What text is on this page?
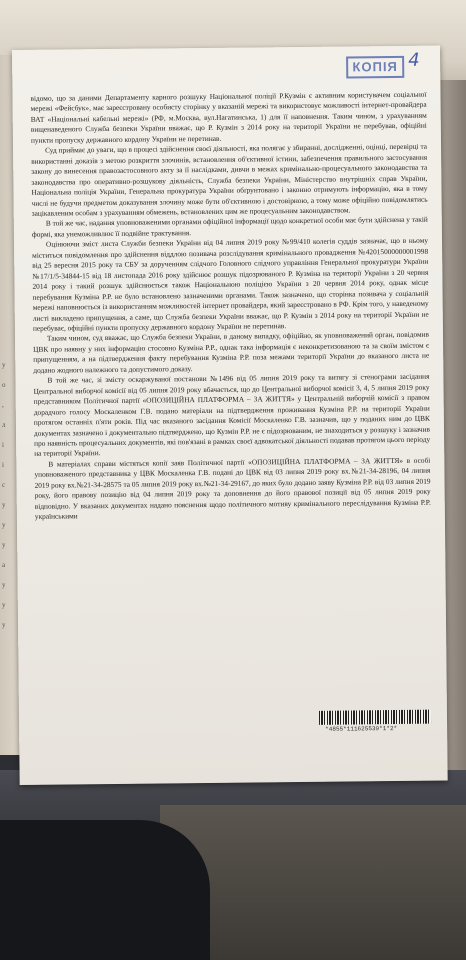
у
о
,
л
і
і
с
у
у
у
а
у
у
у
КОПІЯ 4

відомо, що за даними Департаменту карного розшуку Національної поліції Р.Кузмін є активним користувачем соціальної мережі «Фейсбук», має зареєстровану особисту сторінку у вказаній мережі та використовує можливості інтернет-провайдера ВАТ «Національні кабельні мережі» (РФ, м.Москва, вул.Нагатинська, 1) для її наповнення. Таким чином, з урахуванням вищенаведеного Служба безпеки України вважає, що Р. Кузмін з 2014 року на території України не перебував, офіційні пункти пропуску державного кордону України не перетинав.

Суд приймає до уваги, що в процесі здійснення своєї діяльності, яка полягає у збиранні, дослідженні, оцінці, перевірці та використанні доказів з метою розкриття злочинів, встановлення об'єктивної істини, забезпечення правильного застосування закону до винесення правозастосовного акту за її наслідками, дивчи в межах кримінально-процесуального законодавства та законодавства про оперативно-розшукову діяльність, Служба безпеки України, Міністерство внутрішніх справ України, Національна поліція України, Генеральна прокуратура України обґрунтовано і законно отримують інформацію, яка в тому числі не будучи предметом доказування злочину може бути об'єктивною і достовірною, а тому може офіційно повідомлятись зацікавленим особам з урахуванням обмежень, встановлених цим же процесуальним законодавством.

В той же час, надання уповноваженими органами офіційної інформації щодо конкретної особи має бути здійснена у такій формі, яка унеможливлює її подвійне трактування.

Оцінюючи зміст листа Служби безпеки України від 04 липня 2019 року №99/410 колегія суддів зазначає, що в ньому міститься повідомлення про здійснення віддлою позивача розслідування кримінального провадження №42015000000001998 від 25 вересня 2015 року та СБУ за дорученням слідчого Головного слідчого управління Генеральної прокуратури України №17/1/5-34844-15 від 18 листопада 2016 року здійснює розшук підозрюваного Р. Кузміна на території України з 20 червня 2014 року і такий розшук здійснюється також Національною поліцією України з 20 червня 2014 року, однак місце перебування Кузміна Р.Р. не було встановлено зазначеними органами. Також зазначено, що сторінка позивача у соціальній мережі наповнюється із використанням можливостей інтернет провайдера, який зареєстровано в РФ. Крім того, у наведеному листі викладено припущення, а саме, що Служба безпеки України вважає, що Р. Кузмін з 2014 року на території України не перебуває, офіційні пункти пропуску державного кордону України не перетинав.

Таким чином, суд вважає, що Служба безпеки України, в даному випадку, офіційно, як уповноважений орган, повідомив ЦВК про наявну у них інформацію стосовно Кузміна Р.Р., однак така інформація є неконкретизованою та за своїм змістом є припущенням, а на підтвердження факту перебування Кузміна Р.Р. поза межами території України до вказаного листа не додано жодного належного та допустимого доказу.

В той же час, зі змісту оскаржуваної постанови №1496 від 05 липня 2019 року та витягу зі стенограми засідання Центральної виборчої комісії від 05 липня 2019 року вбачається, що до Центральної виборчої комісії 3, 4, 5 липня 2019 року представником Політичної партії «ОПОЗИЦІЙНА ПЛАТФОРМА – ЗА ЖИТТЯ» у Центральній виборчій комісії з правом дорадчого голосу Москаленком Г.В. подано матеріали на підтвердження проживання Кузміна Р.Р. на території України протягом останніх п'яти років. Під час вказаного засідання Комісії Москаленко Г.В. зазначив, що у поданих ним до ЦВК документах зазначено і документально підтверджено, що Кузмін Р.Р. не є підозрюваним, не знаходиться у розшуку і зазначив про наявність процесуальних документів, які пов'язані в рамках своєї адвокатської діяльності подавав протягом цього періоду на території України.

В матеріалах справи містяться копії заяв Політичної партії «ОПОЗИЦІЙНА ПЛАТФОРМА – ЗА ЖИТТЯ» в особі уповноваженого представника у ЦВК Москаленка Г.В. подані до ЦВК від 03 липня 2019 року вх.№21-34-28196, 04 липня 2019 року вх.№21-34-28575 та 05 липня 2019 року вх.№21-34-29167, до яких було додано заяву Кузміна Р.Р. від 03 липня 2019 року, його правову позицію від 04 липня 2019 року та доповнення до його правової позиції від 05 липня 2019 року відповідно. У вказаних документах надано пояснення щодо політичного мотиву кримінального переслідування Кузміна Р.Р. українськими

*4855*111625539*1*2*
